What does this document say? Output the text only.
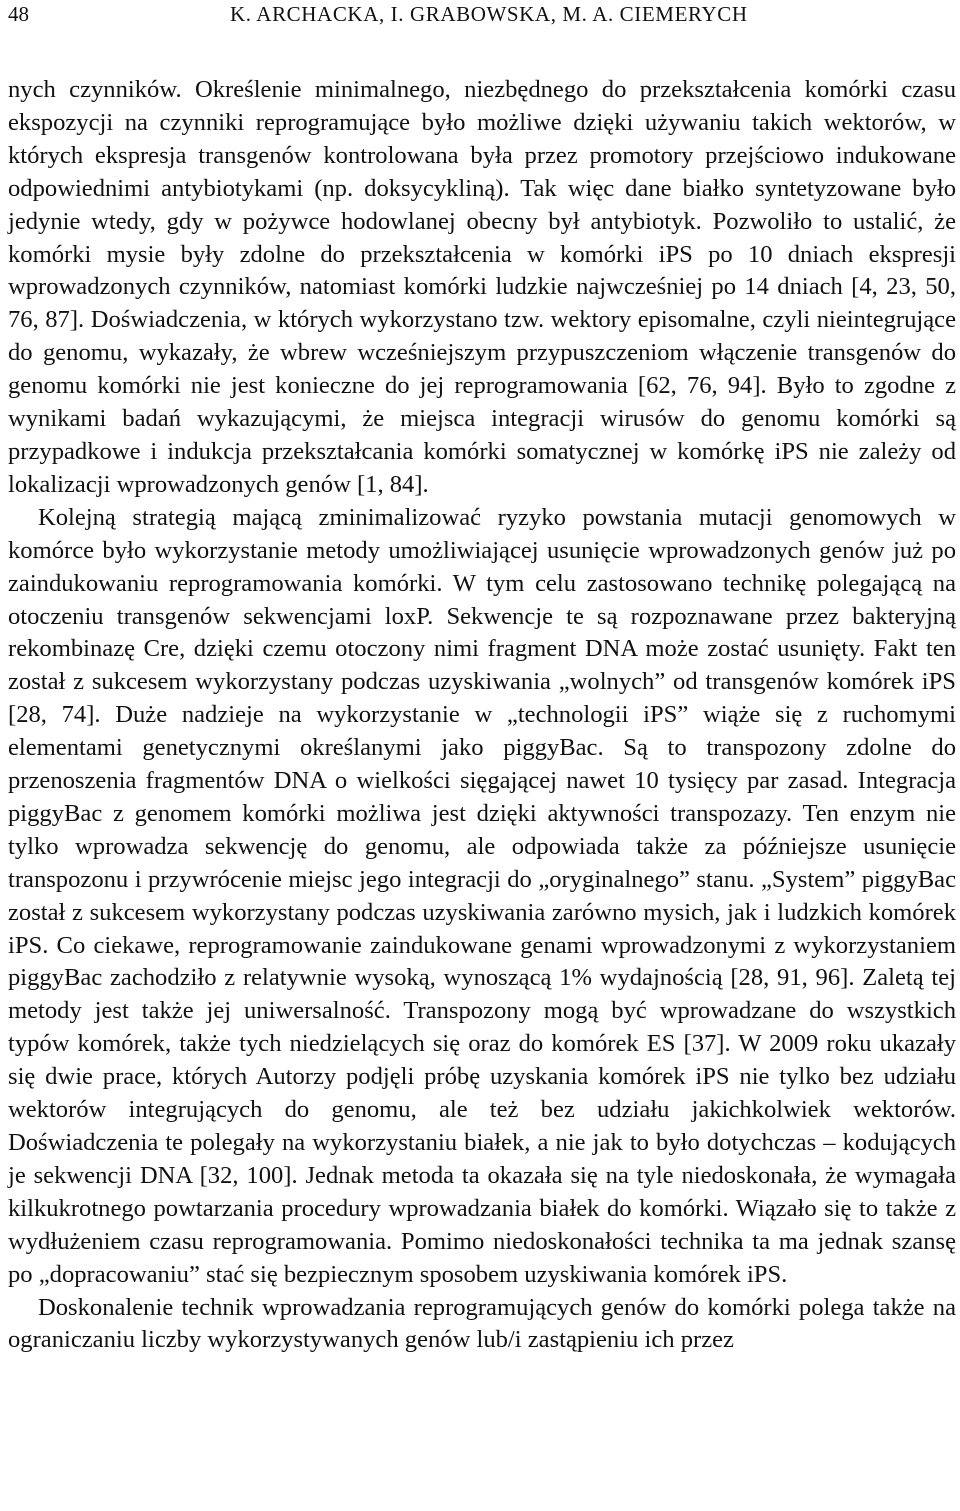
48	K. ARCHACKA, I. GRABOWSKA, M. A. CIEMERYCH

nych czynników. Określenie minimalnego, niezbędnego do przekształcenia komórki czasu ekspozycji na czynniki reprogramujące było możliwe dzięki używaniu takich wektorów, w których ekspresja transgenów kontrolowana była przez promotory przejściowo indukowane odpowiednimi antybiotykami (np. doksycykliną). Tak więc dane białko syntetyzowane było jedynie wtedy, gdy w pożywce hodowlanej obecny był antybiotyk. Pozwoliło to ustalić, że komórki mysie były zdolne do przekształcenia w komórki iPS po 10 dniach ekspresji wprowadzonych czynników, natomiast komórki ludzkie najwcześniej po 14 dniach [4, 23, 50, 76, 87]. Doświadczenia, w których wykorzystano tzw. wektory episomalne, czyli nieintegrujące do genomu, wykazały, że wbrew wcześniejszym przypuszczeniom włączenie transgenów do genomu komórki nie jest konieczne do jej reprogramowania [62, 76, 94]. Było to zgodne z wynikami badań wykazującymi, że miejsca integracji wirusów do genomu komórki są przypadkowe i indukcja przekształcania komórki somatycznej w komórkę iPS nie zależy od lokalizacji wprowadzonych genów [1, 84].

Kolejną strategią mającą zminimalizować ryzyko powstania mutacji genomowych w komórce było wykorzystanie metody umożliwiającej usunięcie wprowadzonych genów już po zaindukowaniu reprogramowania komórki. W tym celu zastosowano technikę polegającą na otoczeniu transgenów sekwencjami loxP. Sekwencje te są rozpoznawane przez bakteryjną rekombinazę Cre, dzięki czemu otoczony nimi fragment DNA może zostać usunięty. Fakt ten został z sukcesem wykorzystany podczas uzyskiwania „wolnych” od transgenów komórek iPS [28, 74]. Duże nadzieje na wykorzystanie w „technologii iPS” wiąże się z ruchomymi elementami genetycznymi określanymi jako piggyBac. Są to transpozony zdolne do przenoszenia fragmentów DNA o wielkości sięgającej nawet 10 tysięcy par zasad. Integracja piggyBac z genomem komórki możliwa jest dzięki aktywności transpozazy. Ten enzym nie tylko wprowadza sekwencję do genomu, ale odpowiada także za późniejsze usunięcie transpozonu i przywrócenie miejsc jego integracji do „oryginalnego” stanu. „System” piggyBac został z sukcesem wykorzystany podczas uzyskiwania zarówno mysich, jak i ludzkich komórek iPS. Co ciekawe, reprogramowanie zaindukowane genami wprowadzonymi z wykorzystaniem piggyBac zachodziło z relatywnie wysoką, wynoszącą 1% wydajnością [28, 91, 96]. Zaletą tej metody jest także jej uniwersalność. Transpozony mogą być wprowadzane do wszystkich typów komórek, także tych niedzielących się oraz do komórek ES [37]. W 2009 roku ukazały się dwie prace, których Autorzy podjęli próbę uzyskania komórek iPS nie tylko bez udziału wektorów integrujących do genomu, ale też bez udziału jakichkolwiek wektorów. Doświadczenia te polegały na wykorzystaniu białek, a nie jak to było dotychczas – kodujących je sekwencji DNA [32, 100]. Jednak metoda ta okazała się na tyle niedoskonała, że wymagała kilkukrotnego powtarzania procedury wprowadzania białek do komórki. Wiązało się to także z wydłużeniem czasu reprogramowania. Pomimo niedoskonałości technika ta ma jednak szansę po „dopracowaniu” stać się bezpiecznym sposobem uzyskiwania komórek iPS.

Doskonalenie technik wprowadzania reprogramujących genów do komórki polega także na ograniczaniu liczby wykorzystywanych genów lub/i zastąpieniu ich przez
